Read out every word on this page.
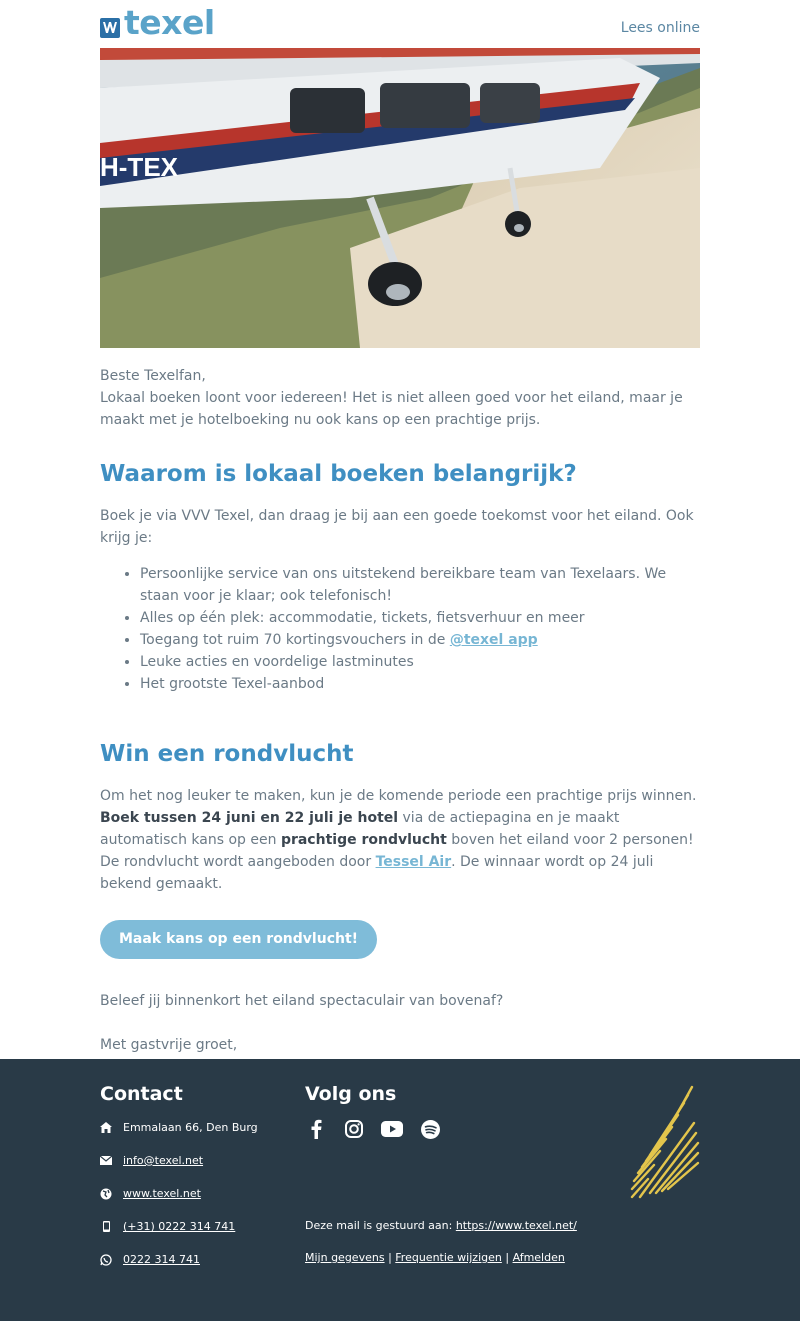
texel	Lees online
H-TEX

Beste Texelfan,

Lokaal boeken loont voor iedereen! Het is niet alleen goed voor het eiland, maar je maakt met je hotelboeking nu ook kans op een prachtige prijs.

Waarom is lokaal boeken belangrijk?

Boek je via VVV Texel, dan draag je bij aan een goede toekomst voor het eiland. Ook krijg je:

• Persoonlijke service van ons uitstekend bereikbare team van Texelaars. We staan voor je klaar; ook telefonisch!
• Alles op één plek: accommodatie, tickets, fietsverhuur en meer
• Toegang tot ruim 70 kortingsvouchers in de @texel app
• Leuke acties en voordelige lastminutes
• Het grootste Texel-aanbod
Win een rondvlucht

Om het nog leuker te maken, kun je de komende periode een prachtige prijs winnen. Boek tussen 24 juni en 22 juli je hotel via de actiepagina en je maakt automatisch kans op een prachtige rondvlucht boven het eiland voor 2 personen! De rondvlucht wordt aangeboden door Tessel Air. De winnaar wordt op 24 juli bekend gemaakt.

Maak kans op een rondvlucht!

Beleef jij binnenkort het eiland spectaculair van bovenaf?

Met gastvrije groet,

Contact
Emmalaan 66, Den Burg
info@texel.net
www.texel.net
(+31) 0222 314 741
0222 314 741
Volg ons
Deze mail is gestuurd aan: https://www.texel.net/
Mijn gegevens | Frequentie wijzigen | Afmelden
